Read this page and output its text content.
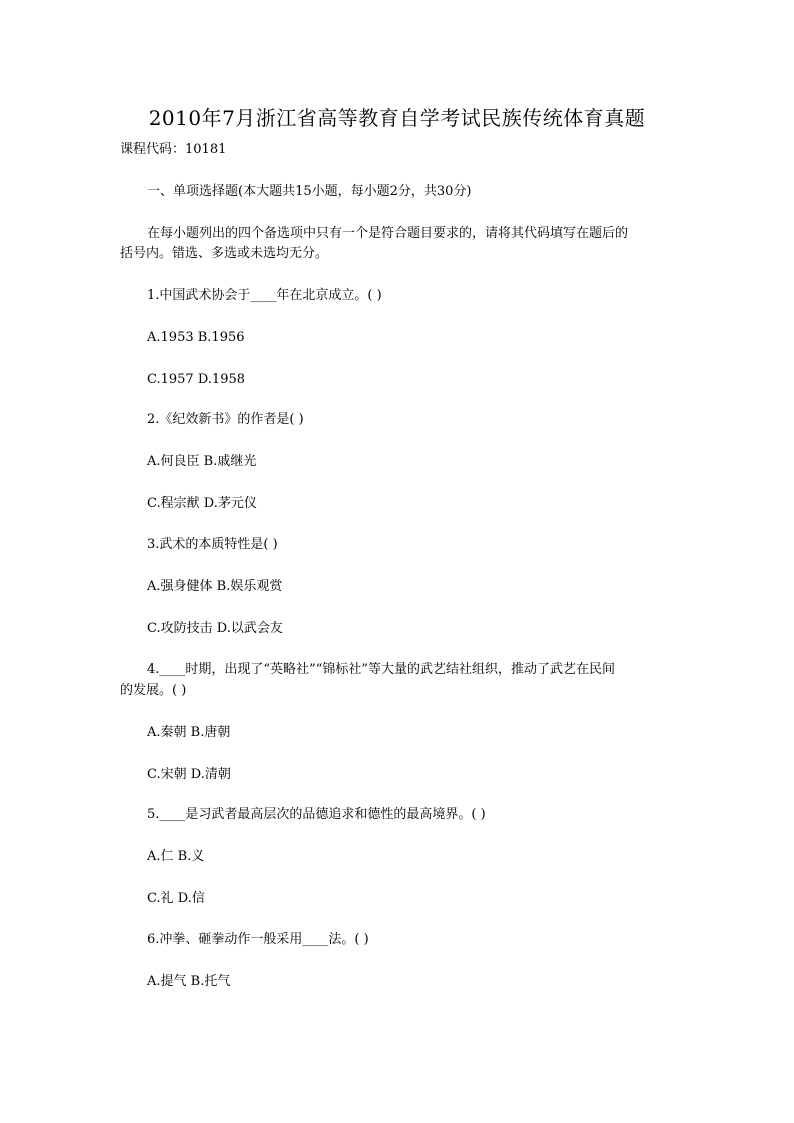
2010年7月浙江省高等教育自学考试民族传统体育真题
课程代码：10181
一、单项选择题(本大题共15小题，每小题2分，共30分)
在每小题列出的四个备选项中只有一个是符合题目要求的，请将其代码填写在题后的
括号内。错选、多选或未选均无分。
1.中国武术协会于____年在北京成立。( )
A.1953 B.1956
C.1957 D.1958
2.《纪效新书》的作者是( )
A.何良臣 B.戚继光
C.程宗猷 D.茅元仪
3.武术的本质特性是( )
A.强身健体 B.娱乐观赏
C.攻防技击 D.以武会友
4.____时期，出现了“英略社”“锦标社”等大量的武艺结社组织，推动了武艺在民间
的发展。( )
A.秦朝 B.唐朝
C.宋朝 D.清朝
5.____是习武者最高层次的品德追求和德性的最高境界。( )
A.仁 B.义
C.礼 D.信
6.冲拳、砸拳动作一般采用____法。( )
A.提气 B.托气
